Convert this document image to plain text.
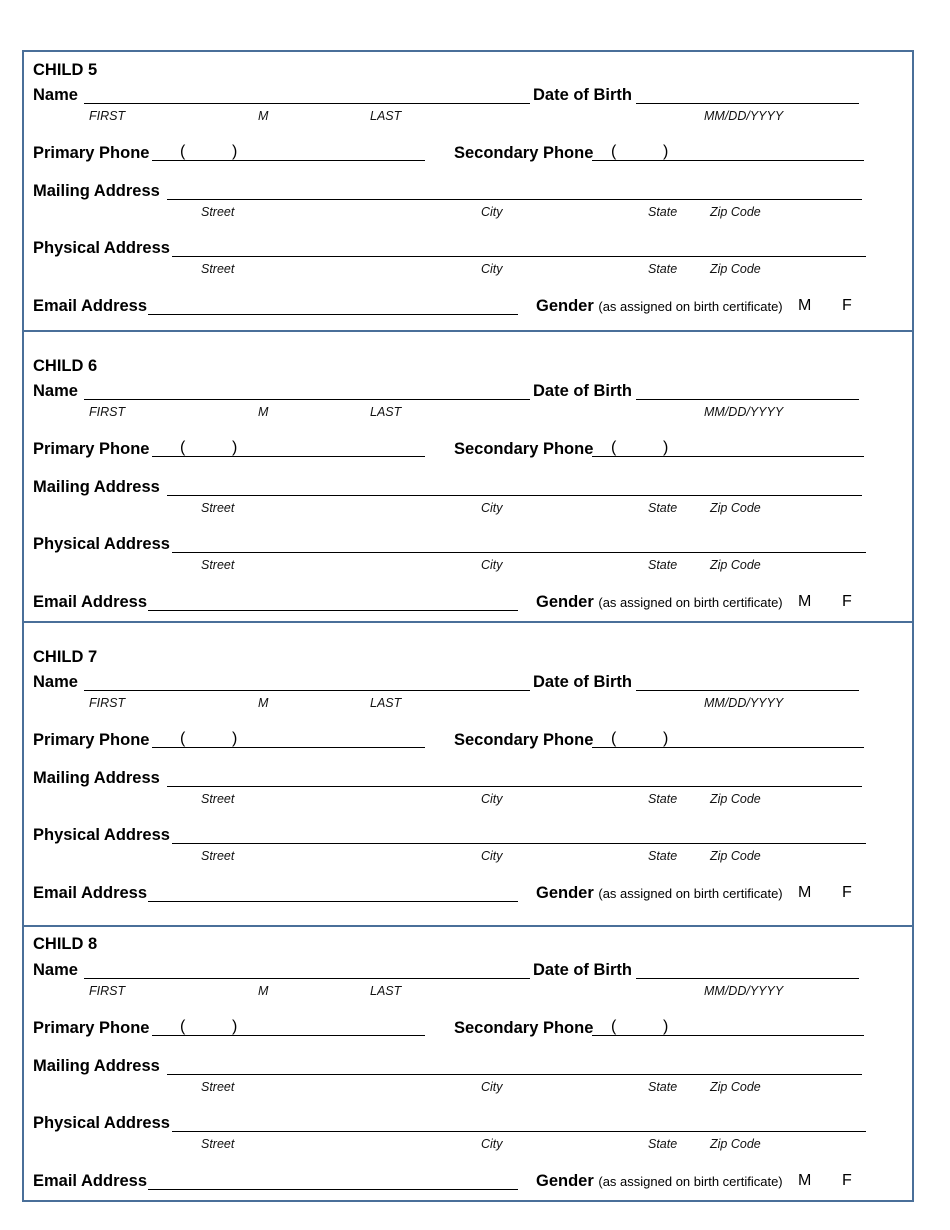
CHILD 5
Name	Date of Birth
FIRST	M	LAST	MM/DD/YYYY
Primary Phone (	)	Secondary Phone (	)
Mailing Address
Street	City	State	Zip Code
Physical Address
Street	City	State	Zip Code
Email Address	Gender (as assigned on birth certificate) M F
CHILD 6
Name	Date of Birth
FIRST	M	LAST	MM/DD/YYYY
Primary Phone (	)	Secondary Phone (	)
Mailing Address
Street	City	State	Zip Code
Physical Address
Street	City	State	Zip Code
Email Address	Gender (as assigned on birth certificate) M F
CHILD 7
Name	Date of Birth
FIRST	M	LAST	MM/DD/YYYY
Primary Phone (	)	Secondary Phone (	)
Mailing Address
Street	City	State	Zip Code
Physical Address
Street	City	State	Zip Code
Email Address	Gender (as assigned on birth certificate) M F
CHILD 8
Name	Date of Birth
FIRST	M	LAST	MM/DD/YYYY
Primary Phone (	)	Secondary Phone (	)
Mailing Address
Street	City	State	Zip Code
Physical Address
Street	City	State	Zip Code
Email Address	Gender (as assigned on birth certificate) M F
